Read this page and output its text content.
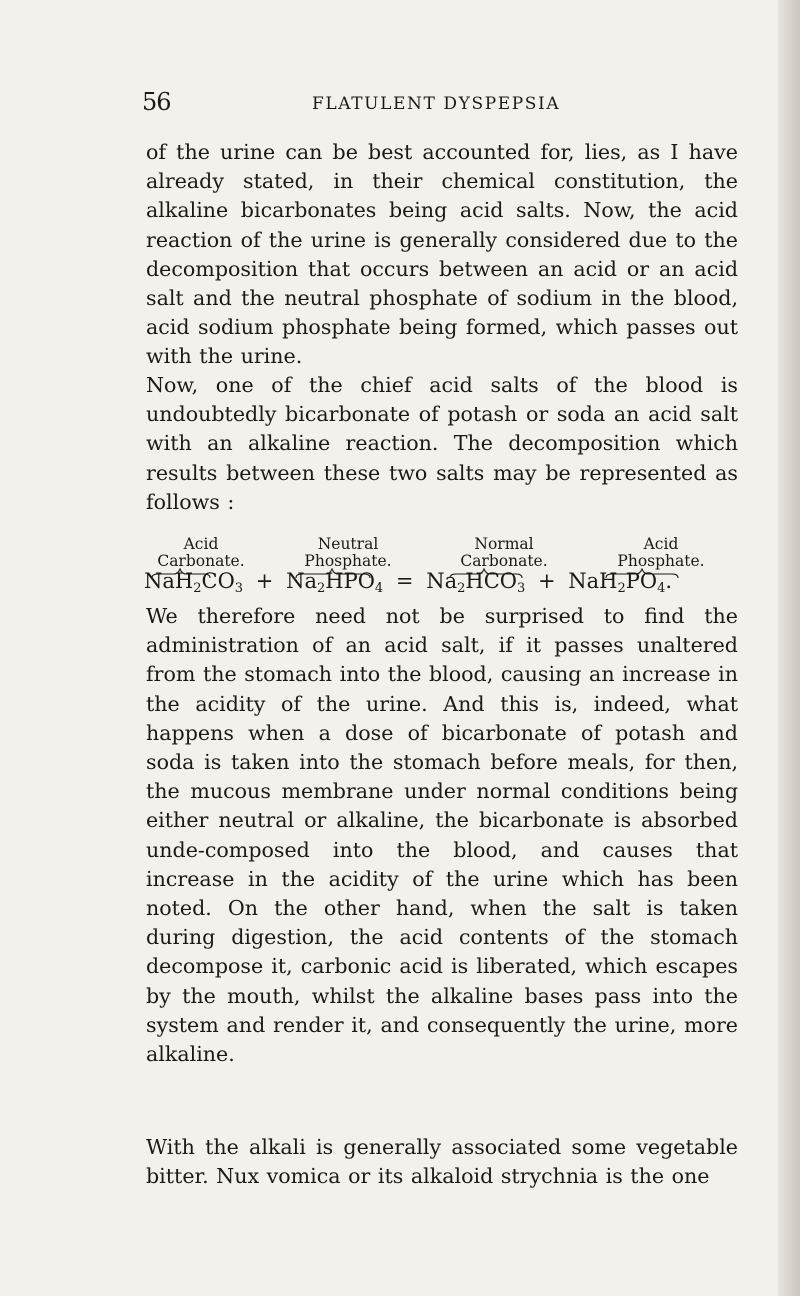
56	FLATULENT DYSPEPSIA

of the urine can be best accounted for, lies, as I have already stated, in their chemical constitution, the alkaline bicarbonates being acid salts. Now, the acid reaction of the urine is generally considered due to the decomposition that occurs between an acid or an acid salt and the neutral phosphate of sodium in the blood, acid sodium phosphate being formed, which passes out with the urine.

Now, one of the chief acid salts of the blood is undoubtedly bicarbonate of potash or soda an acid salt with an alkaline reaction. The decomposition which results between these two salts may be represented as follows :

Acid
Carbonate.
Neutral
Phosphate.
Normal
Carbonate.
Acid
Phosphate.
$NaH_2CO_3 + Na_2HPO_4 = Na_2HCO_3 + NaH_2PO_4$.

We therefore need not be surprised to find the administration of an acid salt, if it passes unaltered from the stomach into the blood, causing an increase in the acidity of the urine. And this is, indeed, what happens when a dose of bicarbonate of potash and soda is taken into the stomach before meals, for then, the mucous membrane under normal conditions being either neutral or alkaline, the bicarbonate is absorbed unde-composed into the blood, and causes that increase in the acidity of the urine which has been noted. On the other hand, when the salt is taken during digestion, the acid contents of the stomach decompose it, carbonic acid is liberated, which escapes by the mouth, whilst the alkaline bases pass into the system and render it, and consequently the urine, more alkaline.

With the alkali is generally associated some vegetable bitter. Nux vomica or its alkaloid strychnia is the one
